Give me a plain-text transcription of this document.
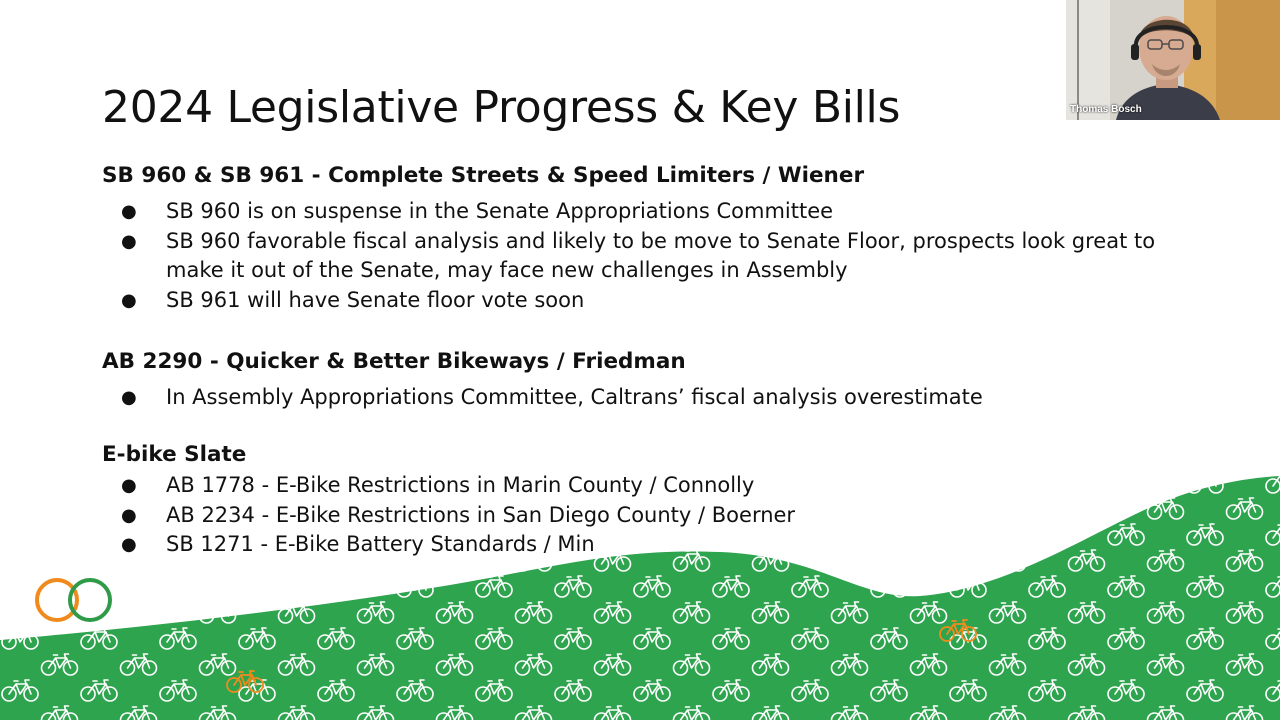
2024 Legislative Progress & Key Bills
SB 960 & SB 961 - Complete Streets & Speed Limiters / Wiener
● SB 960 is on suspense in the Senate Appropriations Committee
● SB 960 favorable fiscal analysis and likely to be move to Senate Floor, prospects look great to make it out of the Senate, may face new challenges in Assembly
● SB 961 will have Senate floor vote soon
AB 2290 - Quicker & Better Bikeways / Friedman
● In Assembly Appropriations Committee, Caltrans’ fiscal analysis overestimate
E-bike Slate
● AB 1778 - E-Bike Restrictions in Marin County / Connolly
● AB 2234 - E-Bike Restrictions in San Diego County / Boerner
● SB 1271 - E-Bike Battery Standards / Min
Thomas Bosch
